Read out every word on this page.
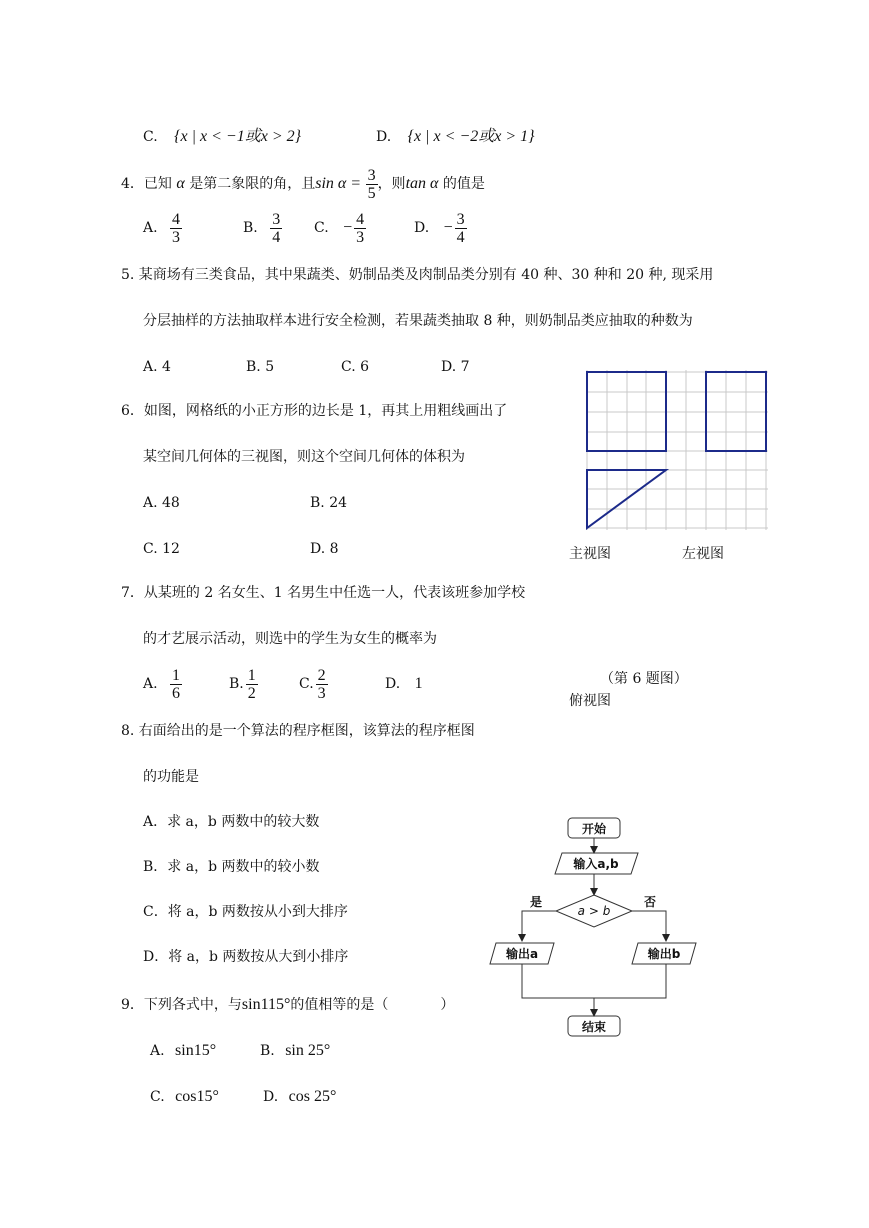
C. {x | x < −1或x > 2}	D. {x | x < −2或x > 1}
4．已知 α 是第二象限的角，且$\sin \alpha = \frac{3}{5}$ ，则tan α 的值是
A. $\frac{4}{3}$	B. $\frac{3}{4} C$. − $\frac{4}{3}$	D. − $\frac{3}{4}$
5. 某商场有三类食品，其中果蔬类、奶制品类及肉制品类分别有 40 种、30 种和 20 种, 现采用
分层抽样的方法抽取样本进行安全检测，若果蔬类抽取 8 种，则奶制品类应抽取的种数为
A. 4	B. 5	C. 6	D. 7
6．如图，网格纸的小正方形的边长是 1，再其上用粗线画出了
某空间几何体的三视图，则这个空间几何体的体积为
A. 48	B. 24
C. 12	D. 8	主视图	左视图
（第 6 题图）
俯视图
7．从某班的 2 名女生、1 名男生中任选一人，代表该班参加学校
的才艺展示活动，则选中的学生为女生的概率为
A. $\frac{1}{6}$	B. $\frac{1}{2}$	C. $\frac{2}{3}$	D. 1
8. 右面给出的是一个算法的程序框图，该算法的程序框图
的功能是
A．求 a，b 两数中的较大数
B．求 a，b 两数中的较小数
C．将 a，b 两数按从小到大排序
D．将 a，b 两数按从大到小排序
开始
输入a,b
a > b
是	否
输出a	输出b
结束
9．下列各式中，与sin115°的值相等的是（	）
A. sin15°	B. sin 25°
C. cos15°	D. cos 25°
